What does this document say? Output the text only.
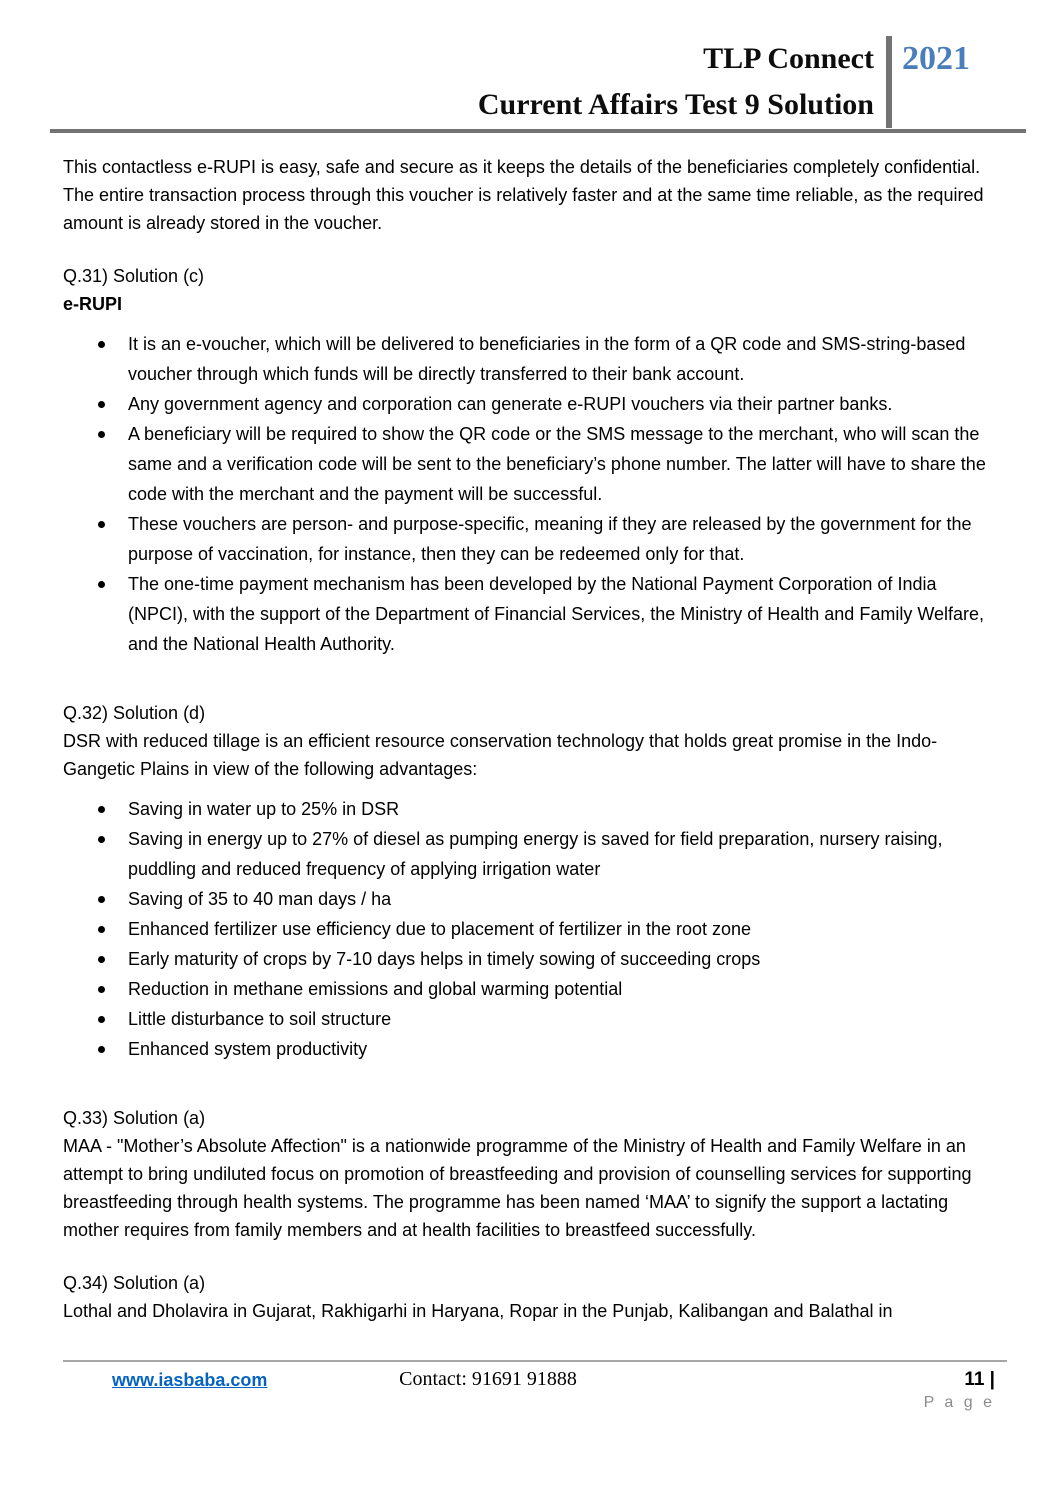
TLP Connect
Current Affairs Test 9 Solution
2021

This contactless e-RUPI is easy, safe and secure as it keeps the details of the beneficiaries completely confidential. The entire transaction process through this voucher is relatively faster and at the same time reliable, as the required amount is already stored in the voucher.

Q.31) Solution (c)

e-RUPI

It is an e-voucher, which will be delivered to beneficiaries in the form of a QR code and SMS-string-based voucher through which funds will be directly transferred to their bank account.
Any government agency and corporation can generate e-RUPI vouchers via their partner banks.
A beneficiary will be required to show the QR code or the SMS message to the merchant, who will scan the same and a verification code will be sent to the beneficiary’s phone number. The latter will have to share the code with the merchant and the payment will be successful.
These vouchers are person- and purpose-specific, meaning if they are released by the government for the purpose of vaccination, for instance, then they can be redeemed only for that.
The one-time payment mechanism has been developed by the National Payment Corporation of India (NPCI), with the support of the Department of Financial Services, the Ministry of Health and Family Welfare, and the National Health Authority.

Q.32) Solution (d)

DSR with reduced tillage is an efficient resource conservation technology that holds great promise in the Indo-Gangetic Plains in view of the following advantages:

Saving in water up to 25% in DSR
Saving in energy up to 27% of diesel as pumping energy is saved for field preparation, nursery raising, puddling and reduced frequency of applying irrigation water
Saving of 35 to 40 man days / ha
Enhanced fertilizer use efficiency due to placement of fertilizer in the root zone
Early maturity of crops by 7-10 days helps in timely sowing of succeeding crops
Reduction in methane emissions and global warming potential
Little disturbance to soil structure
Enhanced system productivity

Q.33) Solution (a)

MAA - "Mother’s Absolute Affection" is a nationwide programme of the Ministry of Health and Family Welfare in an attempt to bring undiluted focus on promotion of breastfeeding and provision of counselling services for supporting breastfeeding through health systems. The programme has been named ‘MAA’ to signify the support a lactating mother requires from family members and at health facilities to breastfeed successfully.

Q.34) Solution (a)

Lothal and Dholavira in Gujarat, Rakhigarhi in Haryana, Ropar in the Punjab, Kalibangan and Balathal in

www.iasbaba.com	Contact: 91691 91888	11 |
P a g e
